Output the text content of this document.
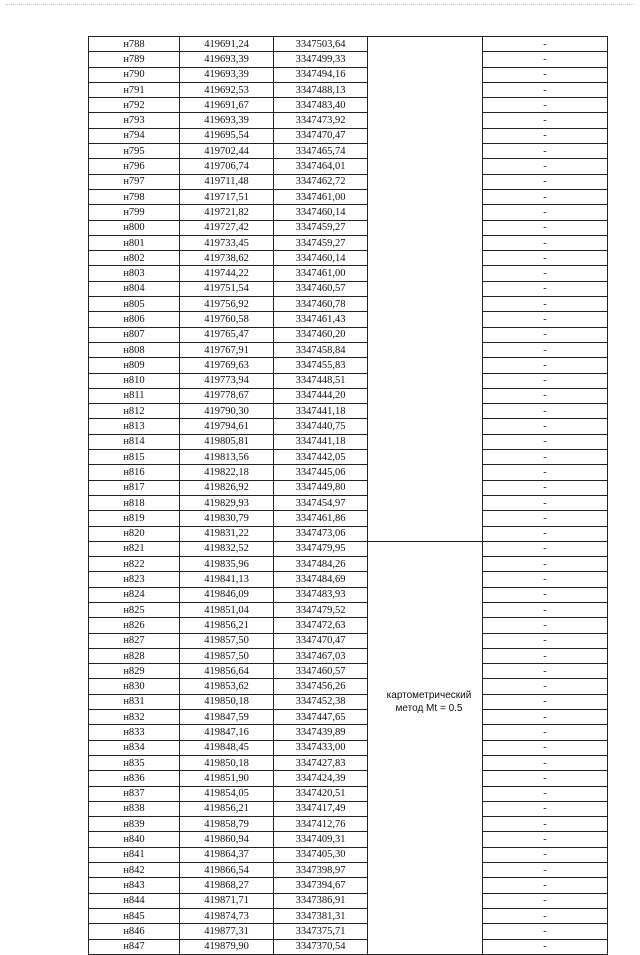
н788	419691,24	3347503,64		-
н789	419693,39	3347499,33		-
н790	419693,39	3347494,16		-
н791	419692,53	3347488,13		-
н792	419691,67	3347483,40		-
н793	419693,39	3347473,92		-
н794	419695,54	3347470,47		-
н795	419702,44	3347465,74		-
н796	419706,74	3347464,01		-
н797	419711,48	3347462,72		-
н798	419717,51	3347461,00		-
н799	419721,82	3347460,14		-
н800	419727,42	3347459,27		-
н801	419733,45	3347459,27		-
н802	419738,62	3347460,14		-
н803	419744,22	3347461,00		-
н804	419751,54	3347460,57		-
н805	419756,92	3347460,78		-
н806	419760,58	3347461,43		-
н807	419765,47	3347460,20		-
н808	419767,91	3347458,84		-
н809	419769,63	3347455,83		-
н810	419773,94	3347448,51		-
н811	419778,67	3347444,20		-
н812	419790,30	3347441,18		-
н813	419794,61	3347440,75		-
н814	419805,81	3347441,18		-
н815	419813,56	3347442,05		-
н816	419822,18	3347445,06		-
н817	419826,92	3347449,80		-
н818	419829,93	3347454,97		-
н819	419830,79	3347461,86		-
н820	419831,22	3347473,06		-
н821	419832,52	3347479,95		-
н822	419835,96	3347484,26		-
н823	419841,13	3347484,69		-
н824	419846,09	3347483,93		-
н825	419851,04	3347479,52		-
н826	419856,21	3347472,63		-
н827	419857,50	3347470,47		-
н828	419857,50	3347467,03		-
н829	419856,64	3347460,57		-
н830	419853,62	3347456,26		-
н831	419850,18	3347452,38		-
н832	419847,59	3347447,65		-
н833	419847,16	3347439,89		-
н834	419848,45	3347433,00		-
н835	419850,18	3347427,83		-
н836	419851,90	3347424,39		-
н837	419854,05	3347420,51		-
н838	419856,21	3347417,49		-
н839	419858,79	3347412,76		-
н840	419860,94	3347409,31		-
н841	419864,37	3347405,30		-
н842	419866,54	3347398,97		-
н843	419868,27	3347394,67		-
н844	419871,71	3347386,91		-
н845	419874,73	3347381,31		-
н846	419877,31	3347375,71		-
н847	419879,90	3347370,54		-
картометрический
метод Mt = 0.5
